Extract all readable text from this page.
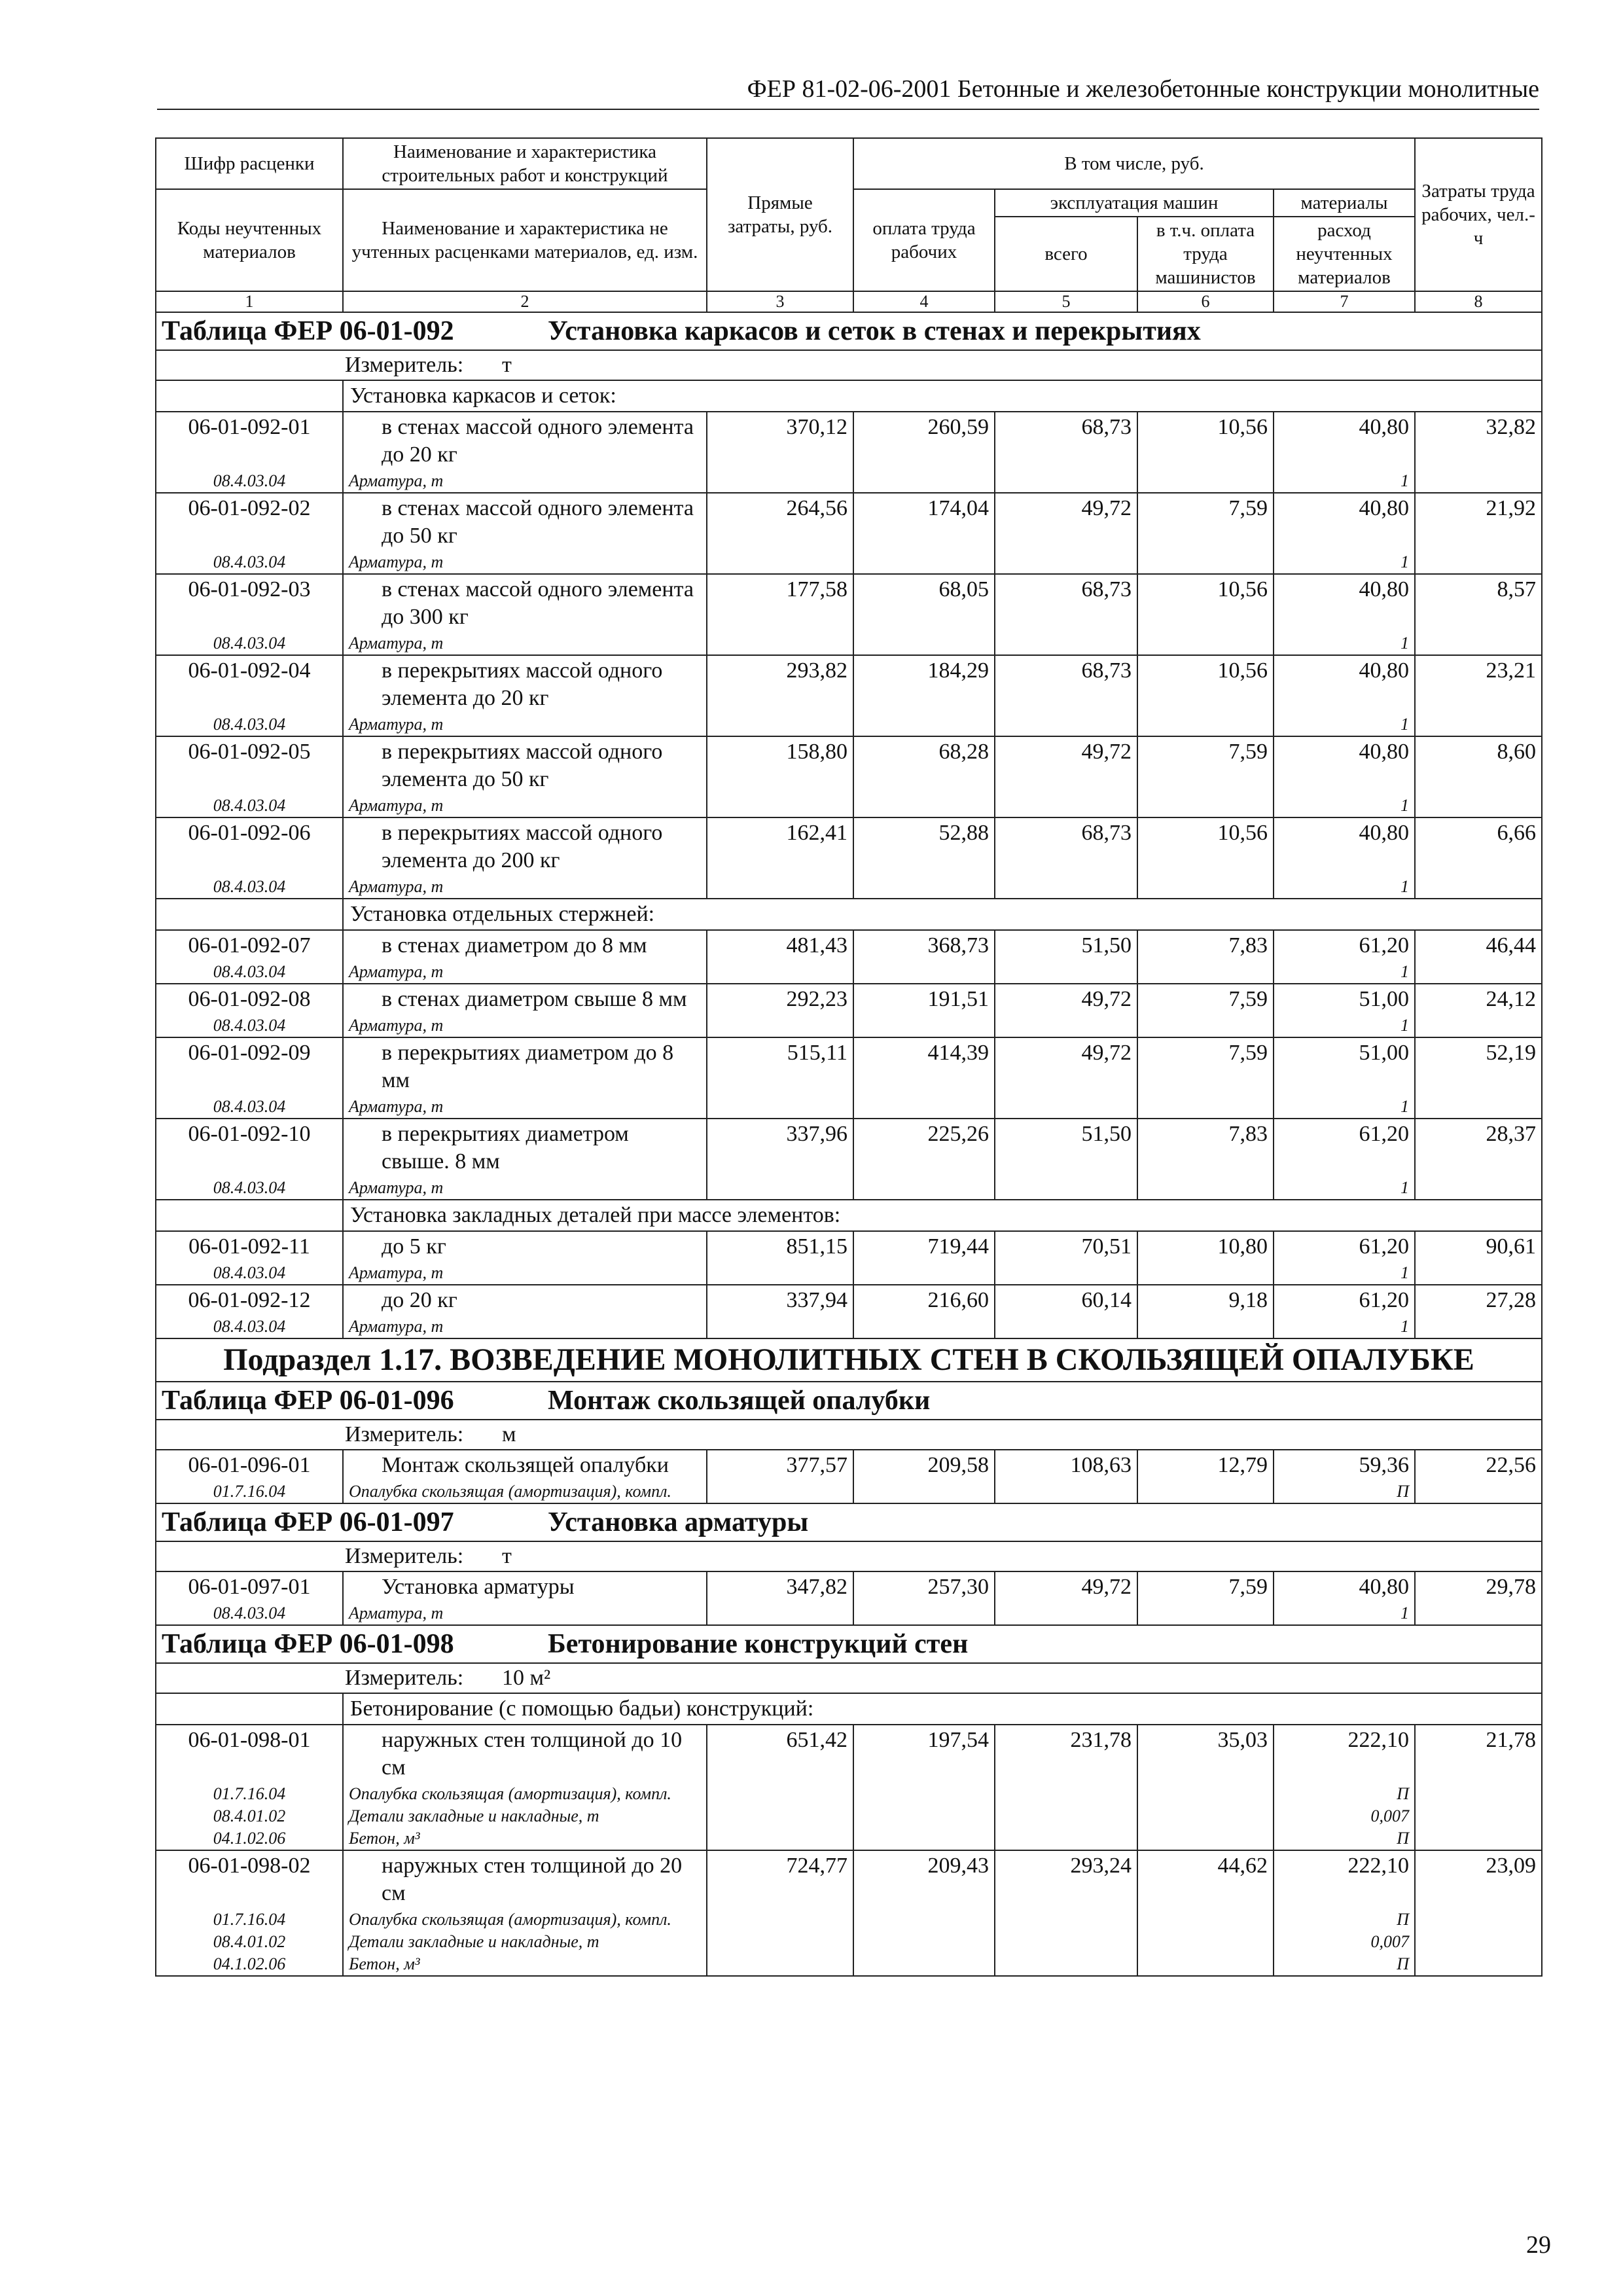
ФЕР 81-02-06-2001 Бетонные и железобетонные конструкции монолитные
Шифр расценки	Наименование и характеристика строительных работ и конструкций	Прямые затраты, руб.	В том числе, руб.				Затраты труда рабочих, чел.-ч
Коды неучтенных материалов	Наименование и характеристика не учтенных расценками материалов, ед. изм.		оплата труда рабочих	эксплуатация машин		материалы	
				всего	в т.ч. оплата труда машинистов	расход неучтенных материалов	
1	2	3	4	5	6	7	8
Таблица ФЕР 06-01-092 Установка каркасов и сеток в стенах и перекрытиях							
Измеритель: т							
	Установка каркасов и сеток:						
06-01-092-01	в стенах массой одного элемента до 20 кг	370,12	260,59	68,73	10,56	40,80	32,82
08.4.03.04	Арматура, т					1	
06-01-092-02	в стенах массой одного элемента до 50 кг	264,56	174,04	49,72	7,59	40,80	21,92
08.4.03.04	Арматура, т					1	
06-01-092-03	в стенах массой одного элемента до 300 кг	177,58	68,05	68,73	10,56	40,80	8,57
08.4.03.04	Арматура, т					1	
06-01-092-04	в перекрытиях массой одного элемента до 20 кг	293,82	184,29	68,73	10,56	40,80	23,21
08.4.03.04	Арматура, т					1	
06-01-092-05	в перекрытиях массой одного элемента до 50 кг	158,80	68,28	49,72	7,59	40,80	8,60
08.4.03.04	Арматура, т					1	
06-01-092-06	в перекрытиях массой одного элемента до 200 кг	162,41	52,88	68,73	10,56	40,80	6,66
08.4.03.04	Арматура, т					1	
	Установка отдельных стержней:						
06-01-092-07	в стенах диаметром до 8 мм	481,43	368,73	51,50	7,83	61,20	46,44
08.4.03.04	Арматура, т					1	
06-01-092-08	в стенах диаметром свыше 8 мм	292,23	191,51	49,72	7,59	51,00	24,12
08.4.03.04	Арматура, т					1	
06-01-092-09	в перекрытиях диаметром до 8 мм	515,11	414,39	49,72	7,59	51,00	52,19
08.4.03.04	Арматура, т					1	
06-01-092-10	в перекрытиях диаметром свыше. 8 мм	337,96	225,26	51,50	7,83	61,20	28,37
08.4.03.04	Арматура, т					1	
	Установка закладных деталей при массе элементов:						
06-01-092-11	до 5 кг	851,15	719,44	70,51	10,80	61,20	90,61
08.4.03.04	Арматура, т					1	
06-01-092-12	до 20 кг	337,94	216,60	60,14	9,18	61,20	27,28
08.4.03.04	Арматура, т					1	
Подраздел 1.17. ВОЗВЕДЕНИЕ МОНОЛИТНЫХ СТЕН В СКОЛЬЗЯЩЕЙ ОПАЛУБКЕ							
Таблица ФЕР 06-01-096 Монтаж скользящей опалубки							
Измеритель: м							
06-01-096-01	Монтаж скользящей опалубки	377,57	209,58	108,63	12,79	59,36	22,56
01.7.16.04	Опалубка скользящая (амортизация), компл.					П	
Таблица ФЕР 06-01-097 Установка арматуры							
Измеритель: т							
06-01-097-01	Установка арматуры	347,82	257,30	49,72	7,59	40,80	29,78
08.4.03.04	Арматура, т					1	
Таблица ФЕР 06-01-098 Бетонирование конструкций стен							
Измеритель: 10 м²							
	Бетонирование (с помощью бадьи) конструкций:						
06-01-098-01	наружных стен толщиной до 10 см	651,42	197,54	231,78	35,03	222,10	21,78
01.7.16.04	Опалубка скользящая (амортизация), компл.					П	
08.4.01.02	Детали закладные и накладные, т					0,007	
04.1.02.06	Бетон, м³					П	
06-01-098-02	наружных стен толщиной до 20 см	724,77	209,43	293,24	44,62	222,10	23,09
01.7.16.04	Опалубка скользящая (амортизация), компл.					П	
08.4.01.02	Детали закладные и накладные, т					0,007	
04.1.02.06	Бетон, м³					П	
29
